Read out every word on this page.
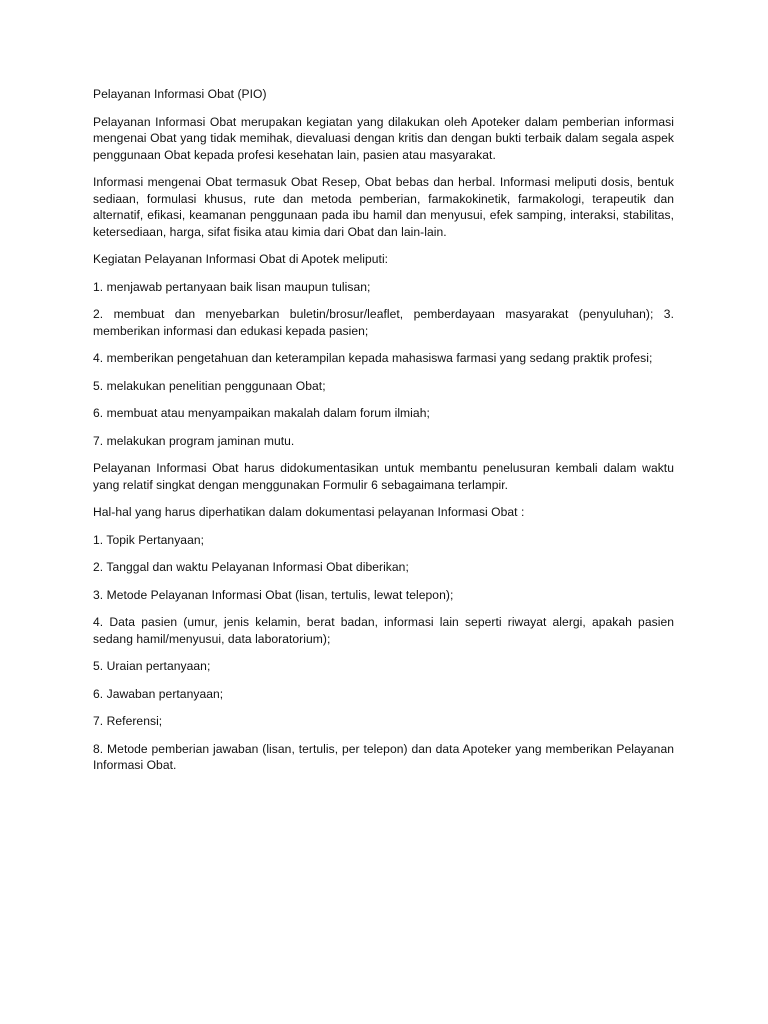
Pelayanan Informasi Obat (PIO)

Pelayanan Informasi Obat merupakan kegiatan yang dilakukan oleh Apoteker dalam pemberian informasi mengenai Obat yang tidak memihak, dievaluasi dengan kritis dan dengan bukti terbaik dalam segala aspek penggunaan Obat kepada profesi kesehatan lain, pasien atau masyarakat.

Informasi mengenai Obat termasuk Obat Resep, Obat bebas dan herbal. Informasi meliputi dosis, bentuk sediaan, formulasi khusus, rute dan metoda pemberian, farmakokinetik, farmakologi, terapeutik dan alternatif, efikasi, keamanan penggunaan pada ibu hamil dan menyusui, efek samping, interaksi, stabilitas, ketersediaan, harga, sifat fisika atau kimia dari Obat dan lain-lain.

Kegiatan Pelayanan Informasi Obat di Apotek meliputi:

1. menjawab pertanyaan baik lisan maupun tulisan;

2. membuat dan menyebarkan buletin/brosur/leaflet, pemberdayaan masyarakat (penyuluhan); 3. memberikan informasi dan edukasi kepada pasien;

4. memberikan pengetahuan dan keterampilan kepada mahasiswa farmasi yang sedang praktik profesi;

5. melakukan penelitian penggunaan Obat;

6. membuat atau menyampaikan makalah dalam forum ilmiah;

7. melakukan program jaminan mutu.

Pelayanan Informasi Obat harus didokumentasikan untuk membantu penelusuran kembali dalam waktu yang relatif singkat dengan menggunakan Formulir 6 sebagaimana terlampir.

Hal-hal yang harus diperhatikan dalam dokumentasi pelayanan Informasi Obat :

1. Topik Pertanyaan;

2. Tanggal dan waktu Pelayanan Informasi Obat diberikan;

3. Metode Pelayanan Informasi Obat (lisan, tertulis, lewat telepon);

4. Data pasien (umur, jenis kelamin, berat badan, informasi lain seperti riwayat alergi, apakah pasien sedang hamil/menyusui, data laboratorium);

5. Uraian pertanyaan;

6. Jawaban pertanyaan;

7. Referensi;

8. Metode pemberian jawaban (lisan, tertulis, per telepon) dan data Apoteker yang memberikan Pelayanan Informasi Obat.
